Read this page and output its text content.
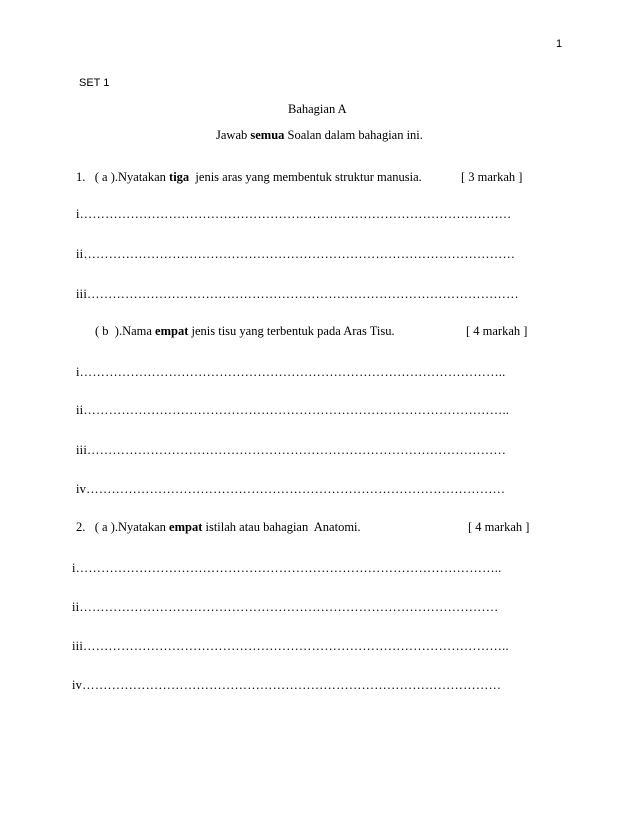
1
SET 1
Bahagian A
Jawab semua Soalan dalam bahagian ini.
1. ( a ).Nyatakan tiga  jenis aras yang membentuk struktur manusia.	[ 3 markah ]
i…………………………………………………………………………………………
ii…………………………………………………………………………………………
iii…………………………………………………………………………………………
( b  ).Nama empat jenis tisu yang terbentuk pada Aras Tisu.	[ 4 markah ]
i………………………………………………………………………………………..
ii………………………………………………………………………………………..
iii………………………………………………………………………………………
iv………………………………………………………………………………………
2. ( a ).Nyatakan empat istilah atau bahagian  Anatomi.	[ 4 markah ]
i………………………………………………………………………………………..
ii………………………………………………………………………………………
iii………………………………………………………………………………………..
iv………………………………………………………………………………………
